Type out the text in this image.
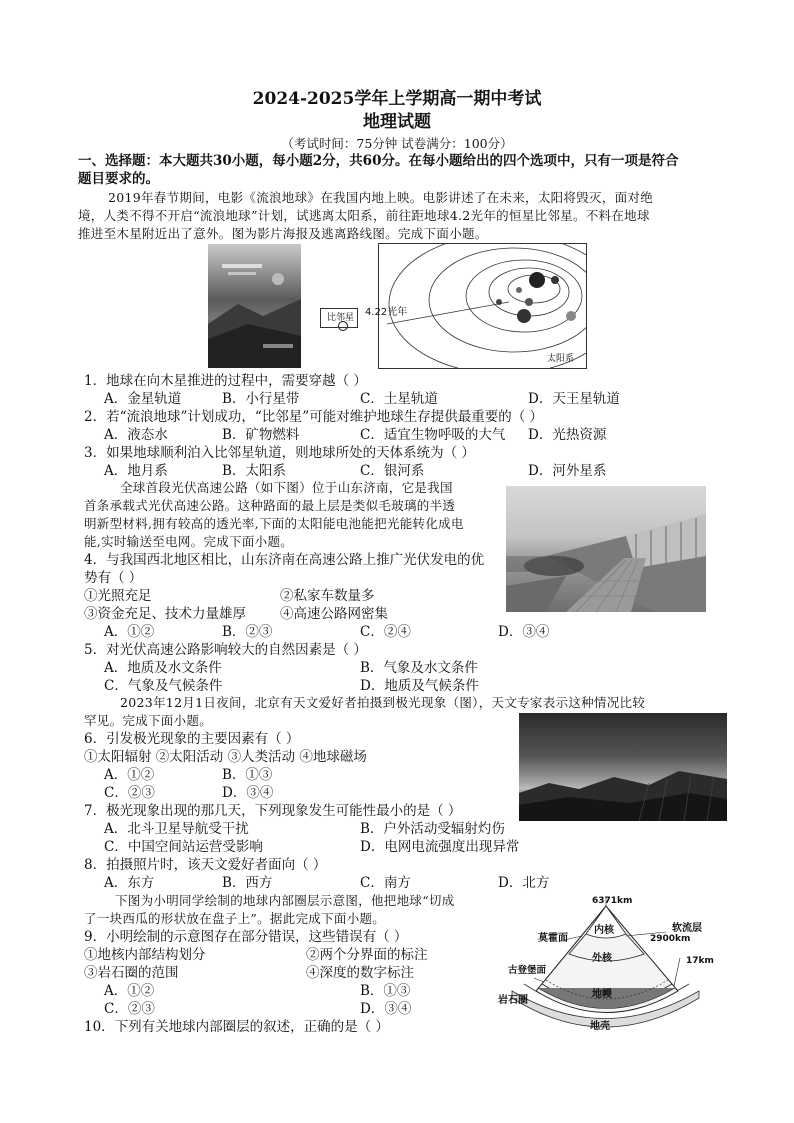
2024-2025学年上学期高一期中考试
地理试题
（考试时间：75分钟 试卷满分：100分）
一、选择题：本大题共30小题，每小题2分，共60分。在每小题给出的四个选项中，只有一项是符合
题目要求的。
2019年春节期间，电影《流浪地球》在我国内地上映。电影讲述了在未来，太阳将毁灭，面对绝
境，人类不得不开启“流浪地球”计划，试逃离太阳系，前往距地球4.2光年的恒星比邻星。不料在地球
推进至木星附近出了意外。图为影片海报及逃离路线图。完成下面小题。
比邻星 4.22光年
太阳系
1．地球在向木星推进的过程中，需要穿越（ ）
A．金星轨道	B．小行星带	C．土星轨道	D．天王星轨道
2．若“流浪地球”计划成功，“比邻星”可能对维护地球生存提供最重要的（ ）
A．液态水	B．矿物燃料	C．适宜生物呼吸的大气 D．光热资源
3．如果地球顺利泊入比邻星轨道，则地球所处的天体系统为（ ）
A．地月系	B．太阳系	C．银河系	D．河外星系
全球首段光伏高速公路（如下图）位于山东济南，它是我国
首条承载式光伏高速公路。这种路面的最上层是类似毛玻璃的半透
明新型材料,拥有较高的透光率,下面的太阳能电池能把光能转化成电
能,实时输送至电网。完成下面小题。
4．与我国西北地区相比，山东济南在高速公路上推广光伏发电的优
势有（ ）
①光照充足	②私家车数量多
③资金充足、技术力量雄厚	④高速公路网密集
A．①②	B．②③	C．②④	D．③④
5．对光伏高速公路影响较大的自然因素是（ ）
A．地质及水文条件	B．气象及水文条件
C．气象及气候条件	D．地质及气候条件
2023年12月1日夜间，北京有天文爱好者拍摄到极光现象（图），天文专家表示这种情况比较
罕见。完成下面小题。
6．引发极光现象的主要因素有（ ）
①太阳辐射 ②太阳活动 ③人类活动 ④地球磁场
A．①②	B．①③
C．②③	D．③④
7．极光现象出现的那几天，下列现象发生可能性最小的是（ ）
A．北斗卫星导航受干扰	B．户外活动受辐射灼伤
C．中国空间站运营受影响	D．电网电流强度出现异常
8．拍摄照片时，该天文爱好者面向（ ）
A．东方	B．西方	C．南方	D．北方
下图为小明同学绘制的地球内部圈层示意图，他把地球“切成
了一块西瓜的形状放在盘子上”。据此完成下面小题。
9．小明绘制的示意图存在部分错误，这些错误有（ ）
①地核内部结构划分	②两个分界面的标注
③岩石圈的范围	④深度的数字标注
A．①②	B．①③
C．②③	D．③④
10．下列有关地球内部圈层的叙述，正确的是（ ）
6371km
内核
莫霍面	2900km
软流层
外核
古登堡面
17km
地幔
岩石圈
地壳
